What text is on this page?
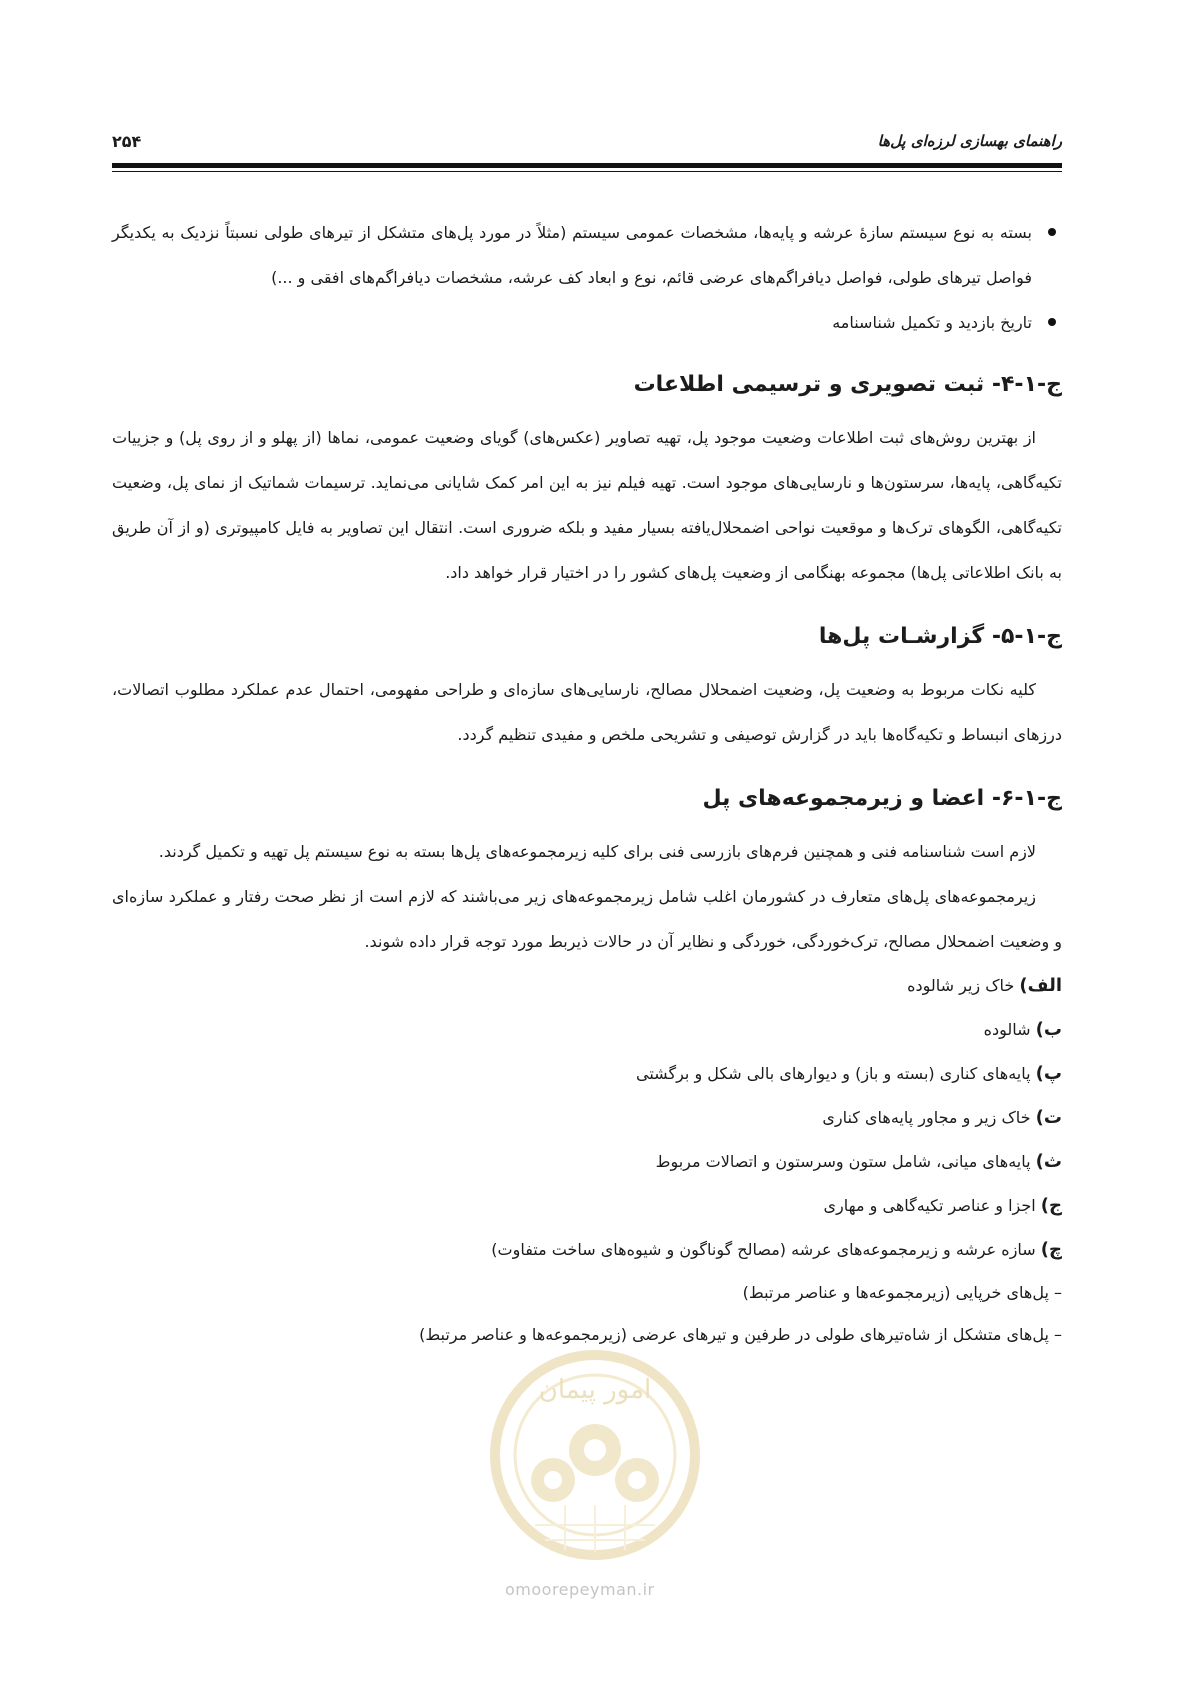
راهنمای بهسازی لرزه‌ای پل‌ها
۲۵۴
بسته به نوع سیستم سازهٔ عرشه و پایه‌ها، مشخصات عمومی سیستم (مثلاً در مورد پل‌های متشکل از تیرهای طولی نسبتاً نزدیک به یکدیگر فواصل تیرهای طولی، فواصل دیافراگم‌های عرضی قائم، نوع و ابعاد کف عرشه، مشخصات دیافراگم‌های افقی و ...)
تاریخ بازدید و تکمیل شناسنامه
ج-۱-۴- ثبت تصویری و ترسیمی اطلاعات

از بهترین روش‌های ثبت اطلاعات وضعیت موجود پل، تهیه تصاویر (عکس‌های) گویای وضعیت عمومی، نماها (از پهلو و از روی پل) و جزییات تکیه‌گاهی، پایه‌ها، سرستون‌ها و نارسایی‌های موجود است. تهیه فیلم نیز به این امر کمک شایانی می‌نماید. ترسیمات شماتیک از نمای پل، وضعیت تکیه‌گاهی، الگوهای ترک‌ها و موقعیت نواحی اضمحلال‌یافته بسیار مفید و بلکه ضروری است. انتقال این تصاویر به فایل کامپیوتری (و از آن طریق به بانک اطلاعاتی پل‌ها) مجموعه بهنگامی از وضعیت پل‌های کشور را در اختیار قرار خواهد داد.

ج-۱-۵- گزارشـات پل‌ها

کلیه نکات مربوط به وضعیت پل، وضعیت اضمحلال مصالح، نارسایی‌های سازه‌ای و طراحی مفهومی، احتمال عدم عملکرد مطلوب اتصالات، درزهای انبساط و تکیه‌گاه‌ها باید در گزارش توصیفی و تشریحی ملخص و مفیدی تنظیم گردد.

ج-۱-۶- اعضا و زیرمجموعه‌های پل

لازم است شناسنامه فنی و همچنین فرم‌های بازرسی فنی برای کلیه زیرمجموعه‌های پل‌ها بسته به نوع سیستم پل تهیه و تکمیل گردند.

زیرمجموعه‌های پل‌های متعارف در کشورمان اغلب شامل زیرمجموعه‌های زیر می‌باشند که لازم است از نظر صحت رفتار و عملکرد سازه‌ای و وضعیت اضمحلال مصالح، ترک‌خوردگی، خوردگی و نظایر آن در حالات ذیربط مورد توجه قرار داده شوند.

الف) خاک زیر شالوده
ب) شالوده
پ) پایه‌های کناری (بسته و باز) و دیوارهای بالی شکل و برگشتی
ت) خاک زیر و مجاور پایه‌های کناری
ث) پایه‌های میانی، شامل ستون وسرستون و اتصالات مربوط
ج) اجزا و عناصر تکیه‌گاهی و مهاری
چ) سازه عرشه و زیرمجموعه‌های عرشه (مصالح گوناگون و شیوه‌های ساخت متفاوت)
– پل‌های خرپایی (زیرمجموعه‌ها و عناصر مرتبط)
– پل‌های متشکل از شاه‌تیرهای طولی در طرفین و تیرهای عرضی (زیرمجموعه‌ها و عناصر مرتبط)
امور پیمان
omoorepeyman.ir
